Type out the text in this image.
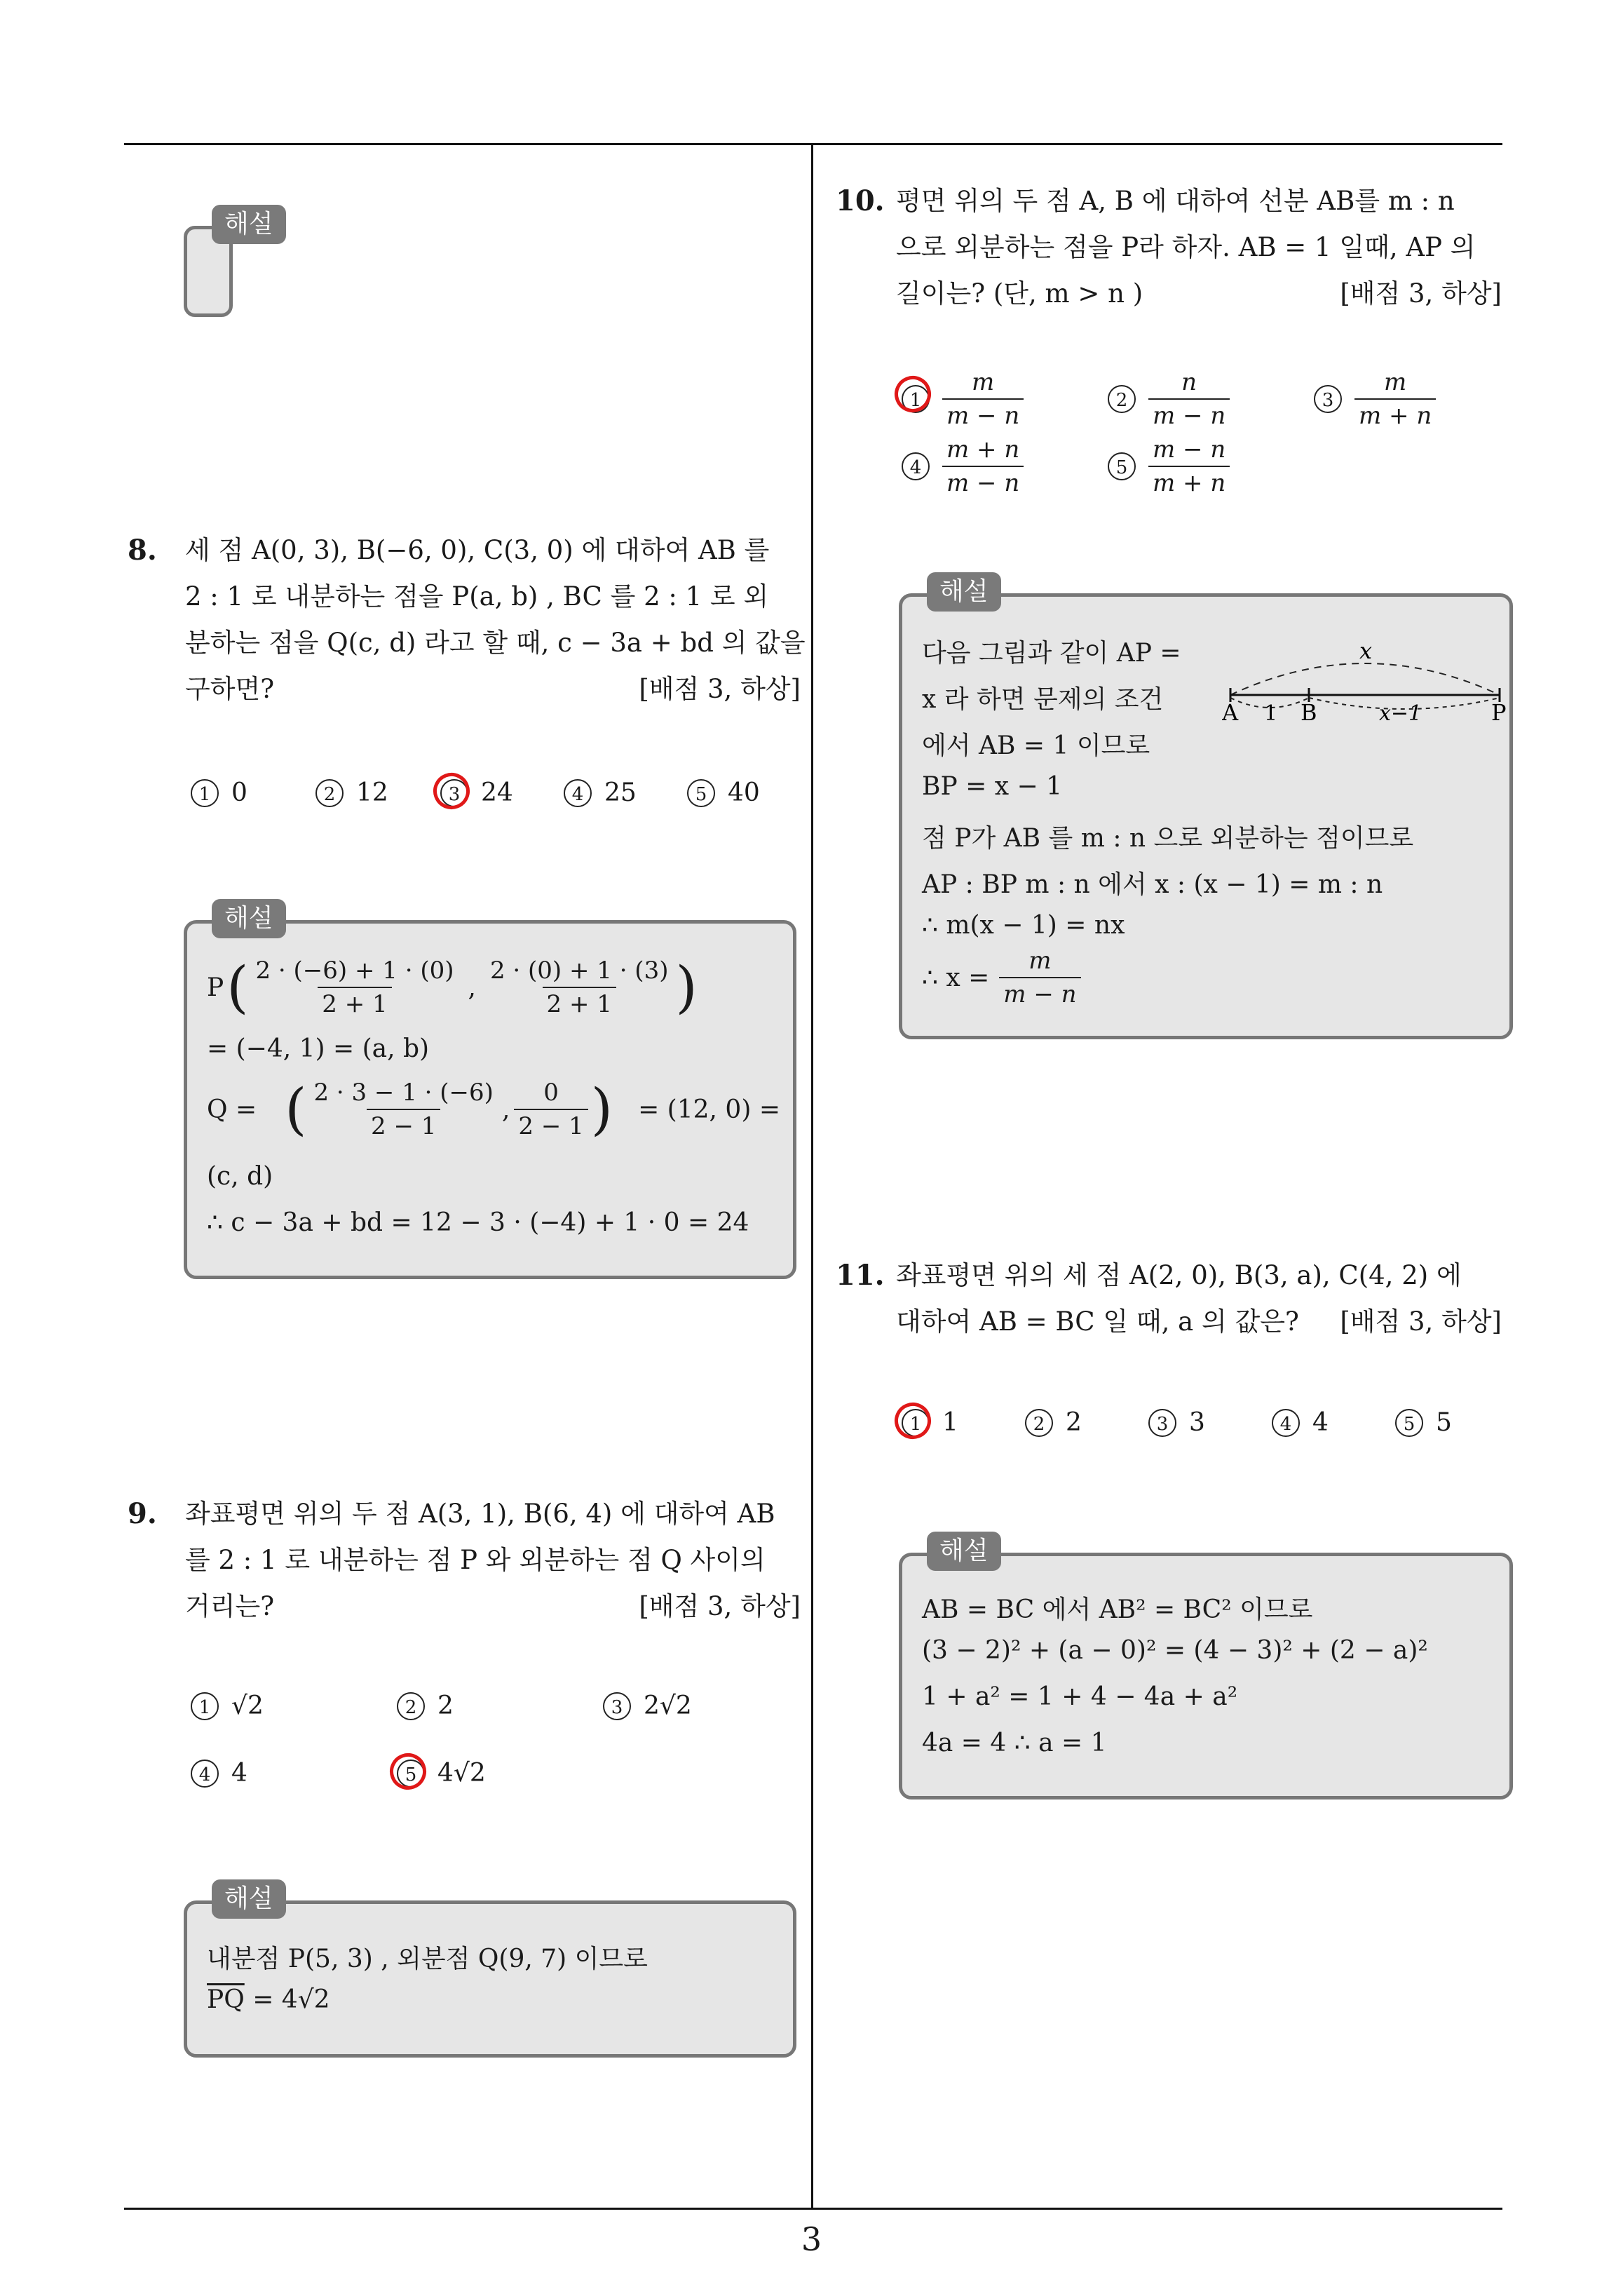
3
해설
8. 세 점 A(0, 3), B(−6, 0), C(3, 0) 에 대하여 AB 를
2 : 1 로 내분하는 점을 P(a, b) , BC 를 2 : 1 로 외
분하는 점을 Q(c, d) 라고 할 때, c − 3a + bd 의 값을
구하면?	[배점 3, 하상]
1 0	2 12	3 24	4 25	5 40
P ( $\frac{2 \cdot (-6) + 1 \cdot (0)}{2 + 1}$ , $\frac{2 \cdot (0) + 1 \cdot (3)}{2 + 1}$ )
= (−4, 1) = (a, b)
Q = ( $\frac{2 \cdot 3 - 1 \cdot (-6)}{2 - 1}$ , $\frac{0}{2 - 1}$ ) = (12, 0) =
(c, d)
∴ c − 3a + bd = 12 − 3 · (−4) + 1 · 0 = 24
해설
9. 좌표평면 위의 두 점 A(3, 1), B(6, 4) 에 대하여 AB
를 2 : 1 로 내분하는 점 P 와 외분하는 점 Q 사이의
거리는?	[배점 3, 하상]
1 √2	2 2	3 2√2
4 4	5 4√2
내분점 P(5, 3) , 외분점 Q(9, 7) 이므로
$\overline{PQ} = 4√2$
해설
10. 평면 위의 두 점 A, B 에 대하여 선분 AB를 m : n
으로 외분하는 점을 P라 하자. AB = 1 일때, AP 의
길이는? (단, m > n )	[배점 3, 하상]
$1 \frac{m}{m - n}$	$2 \frac{n}{m - n}$	$3 \frac{m}{m + n}$
$4 \frac{m + n}{m - n}$	$5 \frac{m - n}{m + n}$
다음 그림과 같이 AP =
x 라 하면 문제의 조건
에서 AB = 1 이므로
BP = x − 1
점 P가 AB 를 m : n 으로 외분하는 점이므로
AP : BP m : n 에서 x : (x − 1) = m : n
∴ m(x − 1) = nx
∴ $x = \frac{m}{m - n}$
x
A 1 B	x−1	P
해설
11. 좌표평면 위의 세 점 A(2, 0), B(3, a), C(4, 2) 에
대하여 AB = BC 일 때, a 의 값은?	[배점 3, 하상]
1 1	2 2	3 3	4 4	5 5
AB = BC 에서 AB² = BC² 이므로
(3 − 2)² + (a − 0)² = (4 − 3)² + (2 − a)²
1 + a² = 1 + 4 − 4a + a²
4a = 4 ∴ a = 1
해설
